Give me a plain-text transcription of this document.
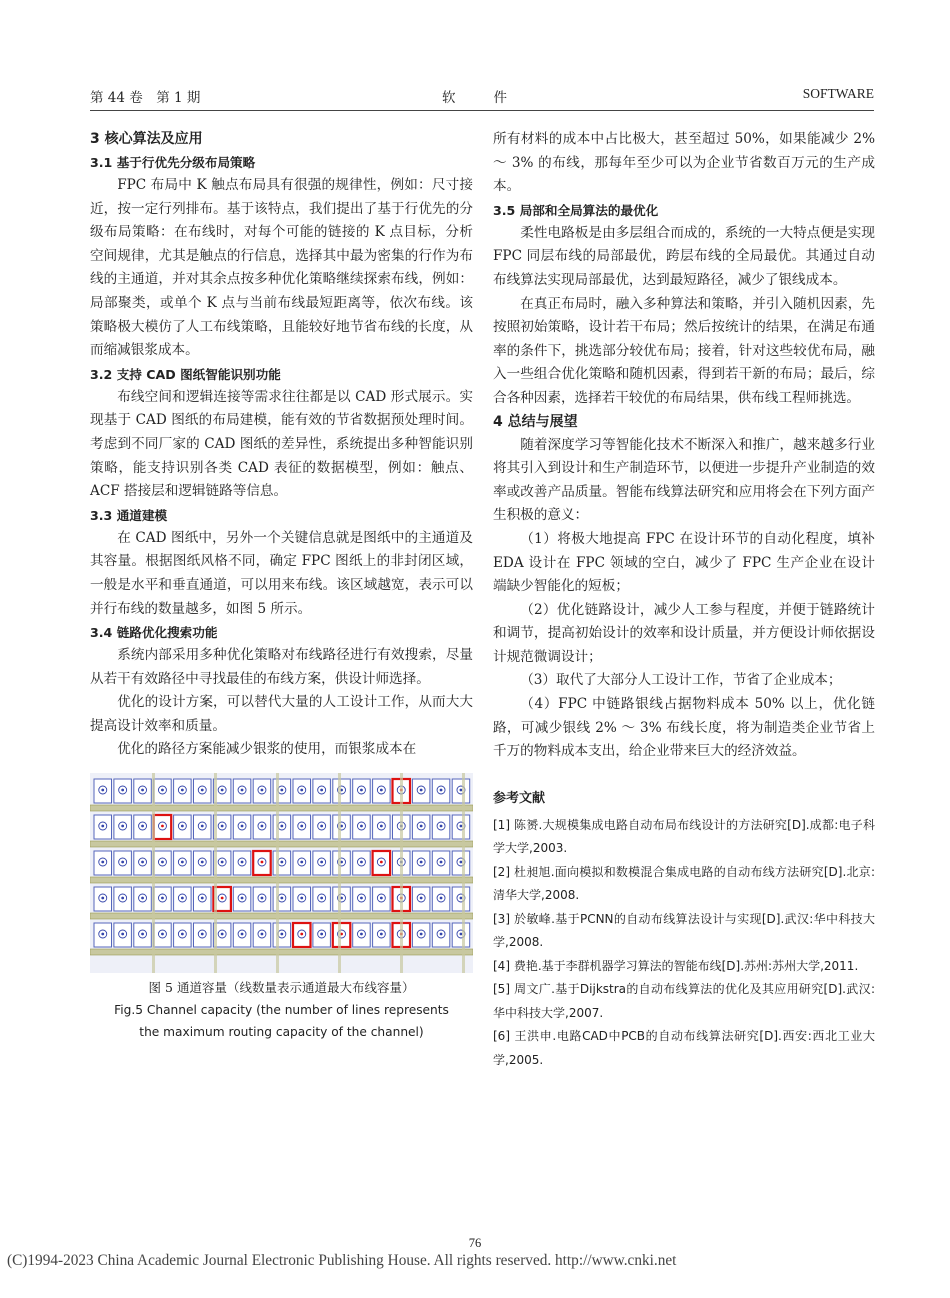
第 44 卷　第 1 期	软件	SOFTWARE

3 核心算法及应用

3.1 基于行优先分级布局策略

FPC 布局中 K 触点布局具有很强的规律性，例如：尺寸接近，按一定行列排布。基于该特点，我们提出了基于行优先的分级布局策略：在布线时，对每个可能的链接的 K 点目标，分析空间规律，尤其是触点的行信息，选择其中最为密集的行作为布线的主通道，并对其余点按多种优化策略继续探索布线，例如：局部聚类，或单个 K 点与当前布线最短距离等，依次布线。该策略极大模仿了人工布线策略，且能较好地节省布线的长度，从而缩减银浆成本。

3.2 支持 CAD 图纸智能识别功能

布线空间和逻辑连接等需求往往都是以 CAD 形式展示。实现基于 CAD 图纸的布局建模，能有效的节省数据预处理时间。考虑到不同厂家的 CAD 图纸的差异性，系统提出多种智能识别策略，能支持识别各类 CAD 表征的数据模型，例如：触点、ACF 搭接层和逻辑链路等信息。

3.3 通道建模

在 CAD 图纸中，另外一个关键信息就是图纸中的主通道及其容量。根据图纸风格不同，确定 FPC 图纸上的非封闭区域，一般是水平和垂直通道，可以用来布线。该区域越宽，表示可以并行布线的数量越多，如图 5 所示。

3.4 链路优化搜索功能

系统内部采用多种优化策略对布线路径进行有效搜索，尽量从若干有效路径中寻找最佳的布线方案，供设计师选择。

优化的设计方案，可以替代大量的人工设计工作，从而大大提高设计效率和质量。

优化的路径方案能减少银浆的使用，而银浆成本在

图 5 通道容量（线数量表示通道最大布线容量）
Fig.5 Channel capacity (the number of lines represents
the maximum routing capacity of the channel)

所有材料的成本中占比极大，甚至超过 50%，如果能减少 2% ～ 3% 的布线，那每年至少可以为企业节省数百万元的生产成本。

3.5 局部和全局算法的最优化

柔性电路板是由多层组合而成的，系统的一大特点便是实现 FPC 同层布线的局部最优，跨层布线的全局最优。其通过自动布线算法实现局部最优，达到最短路径，减少了银线成本。

在真正布局时，融入多种算法和策略，并引入随机因素，先按照初始策略，设计若干布局；然后按统计的结果，在满足布通率的条件下，挑选部分较优布局；接着，针对这些较优布局，融入一些组合优化策略和随机因素，得到若干新的布局；最后，综合各种因素，选择若干较优的布局结果，供布线工程师挑选。

4 总结与展望

随着深度学习等智能化技术不断深入和推广，越来越多行业将其引入到设计和生产制造环节，以便进一步提升产业制造的效率或改善产品质量。智能布线算法研究和应用将会在下列方面产生积极的意义：

（1）将极大地提高 FPC 在设计环节的自动化程度，填补 EDA 设计在 FPC 领域的空白，减少了 FPC 生产企业在设计端缺少智能化的短板；

（2）优化链路设计，减少人工参与程度，并便于链路统计和调节，提高初始设计的效率和设计质量，并方便设计师依据设计规范微调设计；

（3）取代了大部分人工设计工作，节省了企业成本；

（4）FPC 中链路银线占据物料成本 50% 以上，优化链路，可减少银线 2% ～ 3% 布线长度，将为制造类企业节省上千万的物料成本支出，给企业带来巨大的经济效益。

参考文献

[1] 陈赟.大规模集成电路自动布局布线设计的方法研究[D].成都:电子科学大学,2003.

[2] 杜昶旭.面向模拟和数模混合集成电路的自动布线方法研究[D].北京:清华大学,2008.

[3] 於敏峰.基于PCNN的自动布线算法设计与实现[D].武汉:华中科技大学,2008.

[4] 费艳.基于李群机器学习算法的智能布线[D].苏州:苏州大学,2011.

[5] 周文广.基于Dijkstra的自动布线算法的优化及其应用研究[D].武汉:华中科技大学,2007.

[6] 王洪申.电路CAD中PCB的自动布线算法研究[D].西安:西北工业大学,2005.

76
(C)1994-2023 China Academic Journal Electronic Publishing House. All rights reserved. http://www.cnki.net
